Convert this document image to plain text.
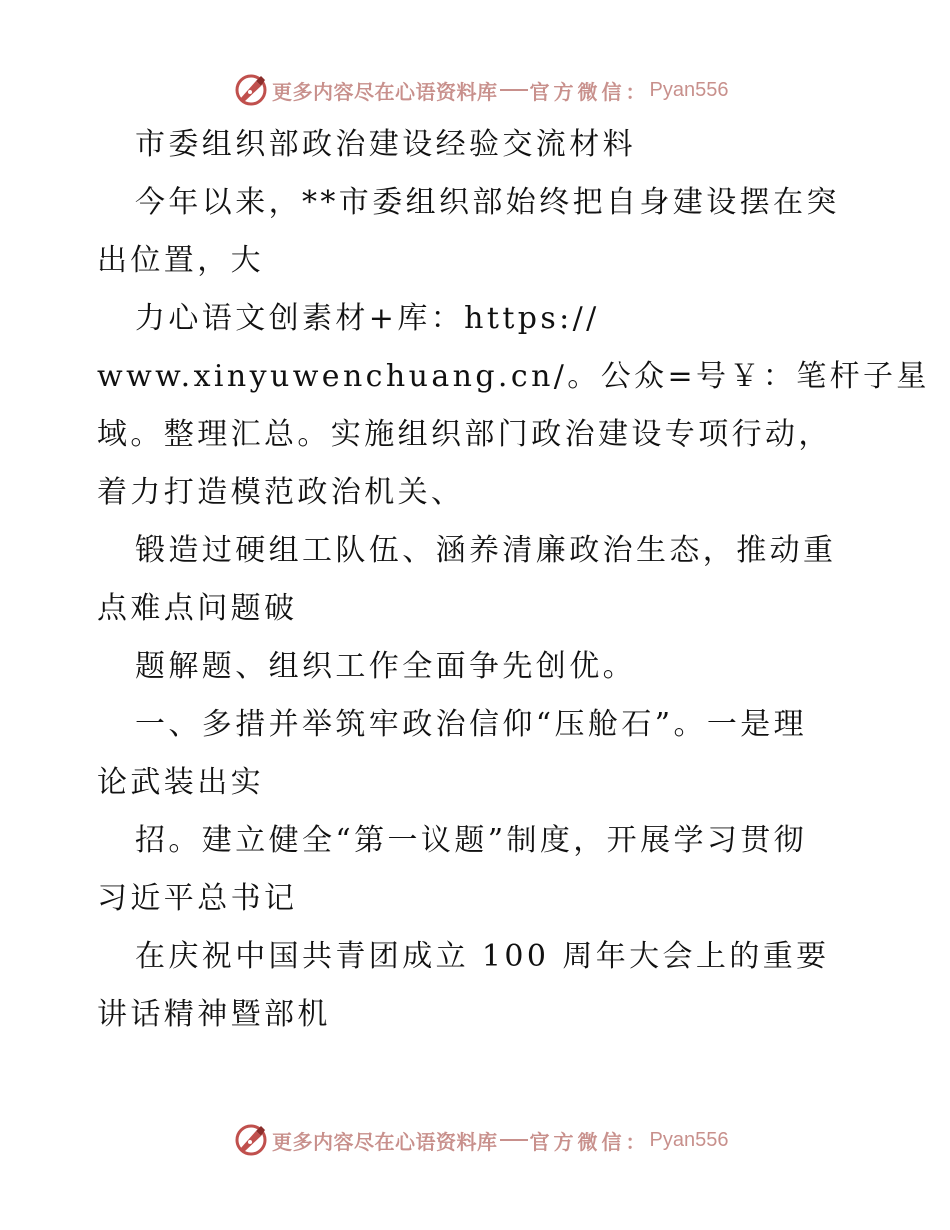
更多内容尽在心语资料库 官方微信： Pyan556
市委组织部政治建设经验交流材料
今年以来，**市委组织部始终把自身建设摆在突
出位置，大
力心语文创素材+库：https://
www.xinyuwenchuang.cn/。公众=号￥：笔杆子星
域。整理汇总。实施组织部门政治建设专项行动，
着力打造模范政治机关、
锻造过硬组工队伍、涵养清廉政治生态，推动重
点难点问题破
题解题、组织工作全面争先创优。
一、多措并举筑牢政治信仰“压舱石”。一是理
论武装出实
招。建立健全“第一议题”制度，开展学习贯彻
习近平总书记
在庆祝中国共青团成立 100 周年大会上的重要
讲话精神暨部机
更多内容尽在心语资料库 官方微信： Pyan556
